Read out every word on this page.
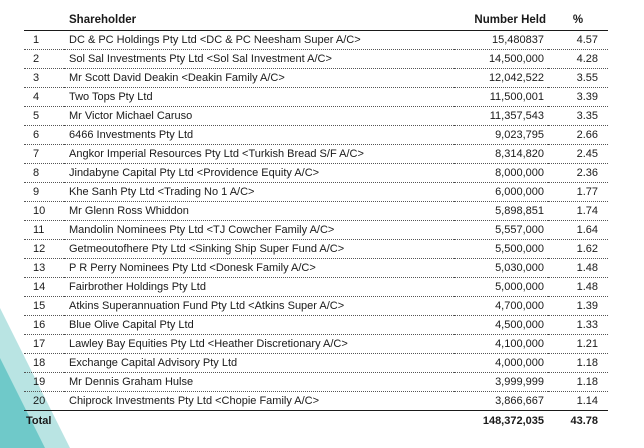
	Shareholder	Number Held	%
1	DC & PC Holdings Pty Ltd <DC & PC Neesham Super A/C>	15,480837	4.57
2	Sol Sal Investments Pty Ltd <Sol Sal Investment A/C>	14,500,000	4.28
3	Mr Scott David Deakin <Deakin Family A/C>	12,042,522	3.55
4	Two Tops Pty Ltd	11,500,001	3.39
5	Mr Victor Michael Caruso	11,357,543	3.35
6	6466 Investments Pty Ltd	9,023,795	2.66
7	Angkor Imperial Resources Pty Ltd <Turkish Bread S/F A/C>	8,314,820	2.45
8	Jindabyne Capital Pty Ltd <Providence Equity A/C>	8,000,000	2.36
9	Khe Sanh Pty Ltd <Trading No 1 A/C>	6,000,000	1.77
10	Mr Glenn Ross Whiddon	5,898,851	1.74
11	Mandolin Nominees Pty Ltd <TJ Cowcher Family A/C>	5,557,000	1.64
12	Getmeoutofhere Pty Ltd <Sinking Ship Super Fund A/C>	5,500,000	1.62
13	P R Perry Nominees Pty Ltd <Donesk Family A/C>	5,030,000	1.48
14	Fairbrother Holdings Pty Ltd	5,000,000	1.48
15	Atkins Superannuation Fund Pty Ltd <Atkins Super A/C>	4,700,000	1.39
16	Blue Olive Capital Pty Ltd	4,500,000	1.33
17	Lawley Bay Equities Pty Ltd <Heather Discretionary A/C>	4,100,000	1.21
18	Exchange Capital Advisory Pty Ltd	4,000,000	1.18
19	Mr Dennis Graham Hulse	3,999,999	1.18
20	Chiprock Investments Pty Ltd <Chopie Family A/C>	3,866,667	1.14
Total		148,372,035	43.78
